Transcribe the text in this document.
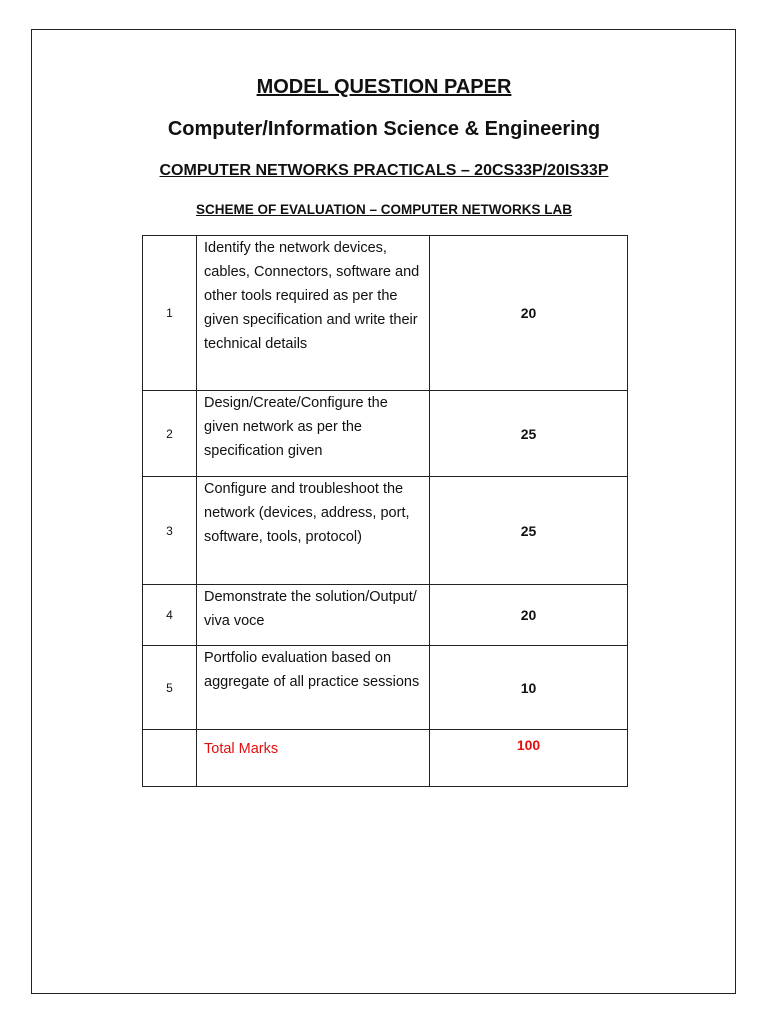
MODEL QUESTION PAPER
Computer/Information Science & Engineering
COMPUTER NETWORKS PRACTICALS – 20CS33P/20IS33P
SCHEME OF EVALUATION – COMPUTER NETWORKS LAB
1	Identify the network devices, cables, Connectors, software and other tools required as per the given specification and write their technical details	20
2	Design/Create/Configure the given network as per the specification given	25
3	Configure and troubleshoot the network (devices, address, port, software, tools, protocol)	25
4	Demonstrate the solution/Output/ viva voce	20
5	Portfolio evaluation based on aggregate of all practice sessions	10

	Total Marks	100
